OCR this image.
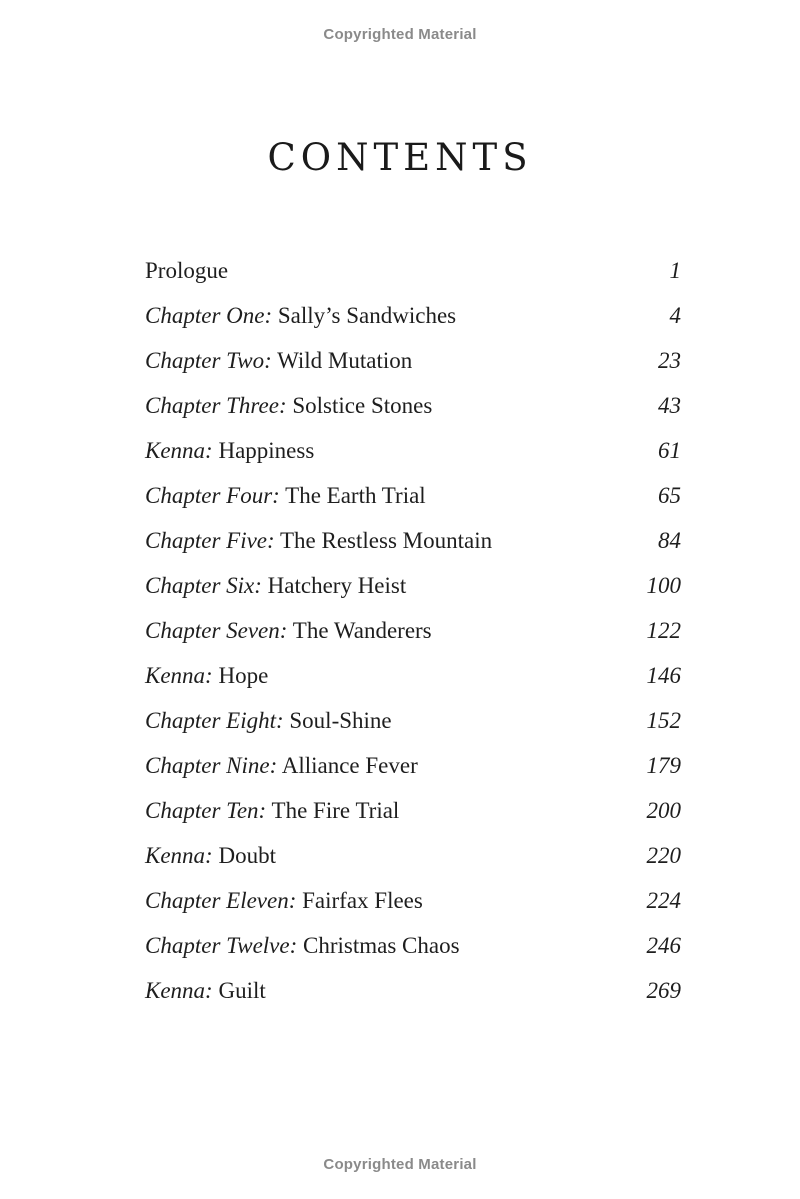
Copyrighted Material
CONTENTS
Prologue	1
Chapter One: Sally’s Sandwiches	4
Chapter Two: Wild Mutation	23
Chapter Three: Solstice Stones	43
Kenna: Happiness	61
Chapter Four: The Earth Trial	65
Chapter Five: The Restless Mountain	84
Chapter Six: Hatchery Heist	100
Chapter Seven: The Wanderers	122
Kenna: Hope	146
Chapter Eight: Soul-Shine	152
Chapter Nine: Alliance Fever	179
Chapter Ten: The Fire Trial	200
Kenna: Doubt	220
Chapter Eleven: Fairfax Flees	224
Chapter Twelve: Christmas Chaos	246
Kenna: Guilt	269
Copyrighted Material
